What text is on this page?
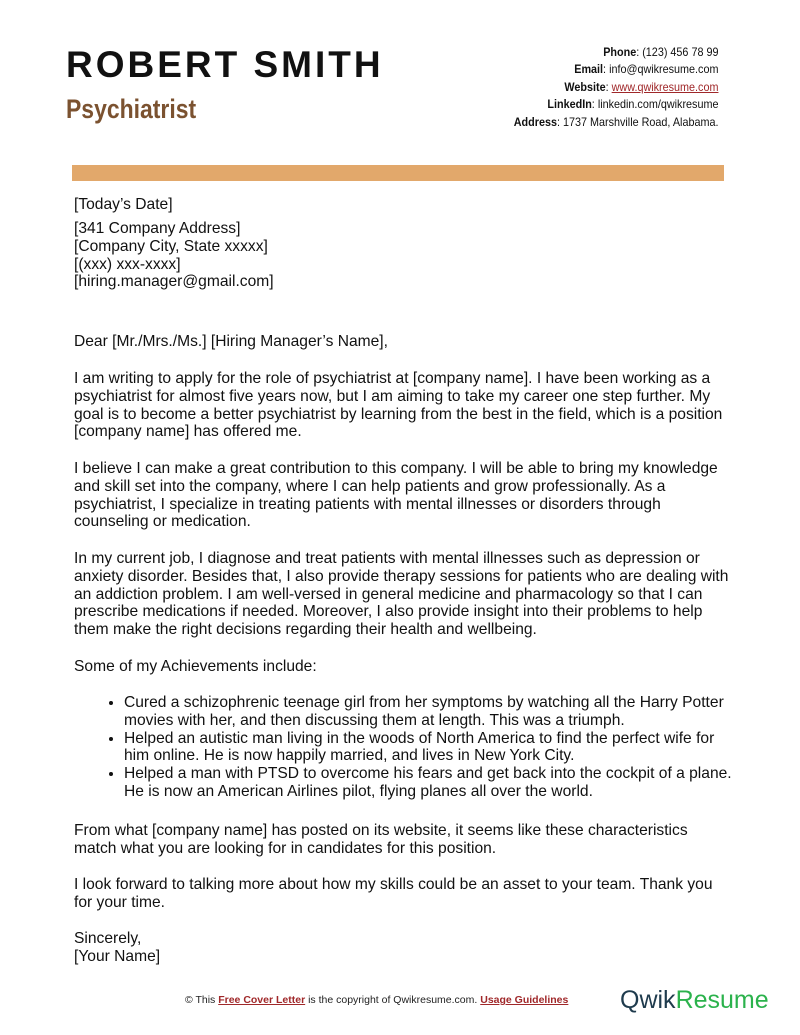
ROBERT SMITH
Psychiatrist
Phone: (123) 456 78 99
Email: info@qwikresume.com
Website: www.qwikresume.com
LinkedIn: linkedin.com/qwikresume
Address: 1737 Marshville Road, Alabama.
[Today’s Date]

[341 Company Address]

[Company City, State xxxxx]

[(xxx) xxx-xxxx]

[hiring.manager@gmail.com]

Dear [Mr./Mrs./Ms.] [Hiring Manager’s Name],
I am writing to apply for the role of psychiatrist at [company name]. I have been working as a psychiatrist for almost five years now, but I am aiming to take my career one step further. My goal is to become a better psychiatrist by learning from the best in the field, which is a position [company name] has offered me.
I believe I can make a great contribution to this company. I will be able to bring my knowledge and skill set into the company, where I can help patients and grow professionally. As a psychiatrist, I specialize in treating patients with mental illnesses or disorders through counseling or medication.
In my current job, I diagnose and treat patients with mental illnesses such as depression or anxiety disorder. Besides that, I also provide therapy sessions for patients who are dealing with an addiction problem. I am well-versed in general medicine and pharmacology so that I can prescribe medications if needed. Moreover, I also provide insight into their problems to help them make the right decisions regarding their health and wellbeing.
Some of my Achievements include:
• Cured a schizophrenic teenage girl from her symptoms by watching all the Harry Potter movies with her, and then discussing them at length. This was a triumph.
• Helped an autistic man living in the woods of North America to find the perfect wife for him online. He is now happily married, and lives in New York City.
• Helped a man with PTSD to overcome his fears and get back into the cockpit of a plane. He is now an American Airlines pilot, flying planes all over the world.
From what [company name] has posted on its website, it seems like these characteristics match what you are looking for in candidates for this position.
I look forward to talking more about how my skills could be an asset to your team. Thank you for your time.
Sincerely,
[Your Name]
© This Free Cover Letter is the copyright of Qwikresume.com. Usage Guidelines QwikResume
